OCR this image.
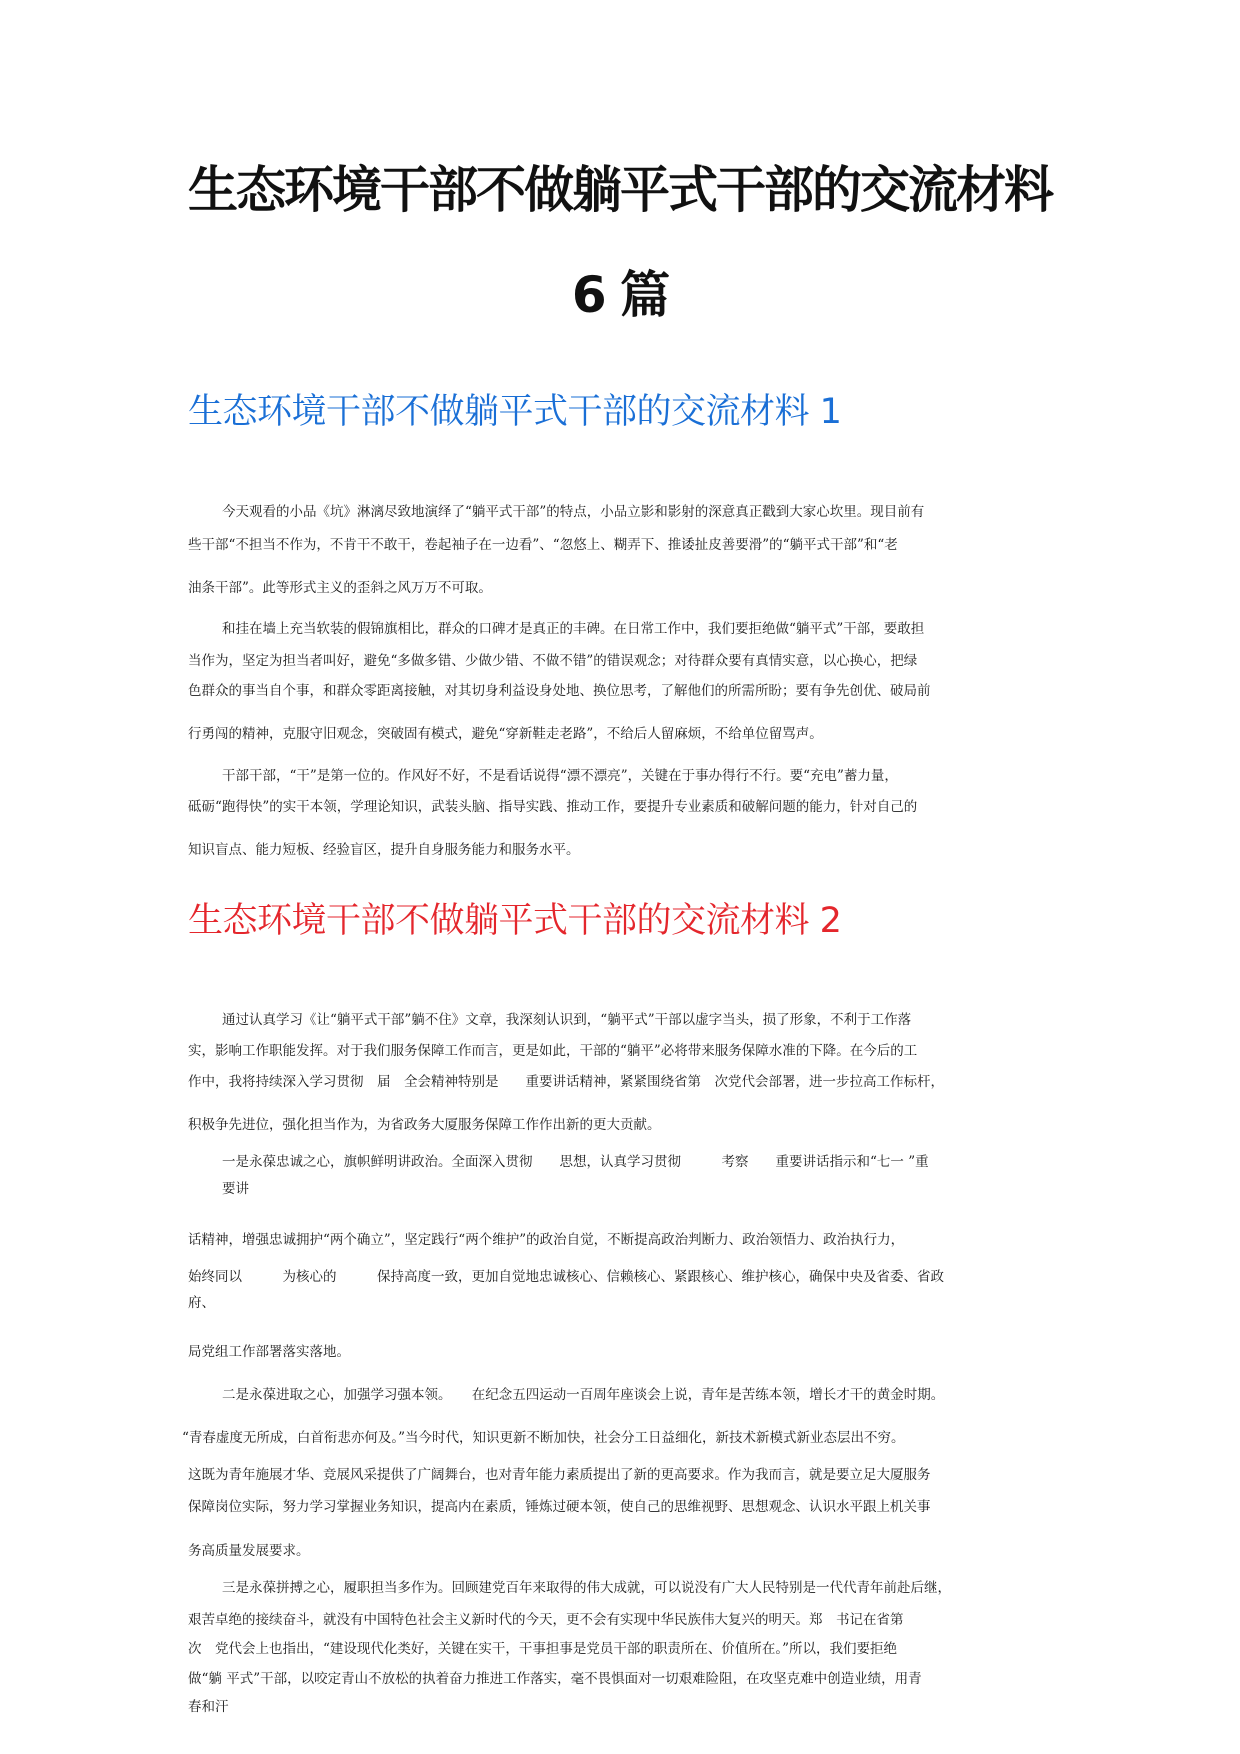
生态环境干部不做躺平式干部的交流材料
6 篇
生态环境干部不做躺平式干部的交流材料 1

今天观看的小品《坑》淋漓尽致地演绎了“躺平式干部”的特点，小品立影和影射的深意真正戳到大家心坎里。现目前有

些干部“不担当不作为，不肯干不敢干，卷起袖子在一边看”、“忽悠上、糊弄下、推诿扯皮善要滑”的“躺平式干部”和“老

油条干部”。此等形式主义的歪斜之风万万不可取。

和挂在墙上充当软装的假锦旗相比，群众的口碑才是真正的丰碑。在日常工作中，我们要拒绝做“躺平式”干部，要敢担

当作为，坚定为担当者叫好，避免“多做多错、少做少错、不做不错”的错误观念；对待群众要有真情实意，以心换心，把绿

色群众的事当自个事，和群众零距离接触，对其切身利益设身处地、换位思考，了解他们的所需所盼；要有争先创优、破局前

行勇闯的精神，克服守旧观念，突破固有模式，避免“穿新鞋走老路”，不给后人留麻烦，不给单位留骂声。

干部干部，“干”是第一位的。作风好不好，不是看话说得“漂不漂亮”，关键在于事办得行不行。要“充电”蓄力量，

砥砺“跑得快”的实干本领，学理论知识，武装头脑、指导实践、推动工作，要提升专业素质和破解问题的能力，针对自己的

知识盲点、能力短板、经验盲区，提升自身服务能力和服务水平。

生态环境干部不做躺平式干部的交流材料 2

通过认真学习《让“躺平式干部”躺不住》文章，我深刻认识到，“躺平式”干部以虚字当头，损了形象，不利于工作落

实，影响工作职能发挥。对于我们服务保障工作而言，更是如此，干部的“躺平”必将带来服务保障水准的下降。在今后的工

作中，我将持续深入学习贯彻　届　全会精神特别是　　重要讲话精神，紧紧围绕省第　次党代会部署，进一步拉高工作标杆，

积极争先进位，强化担当作为，为省政务大厦服务保障工作作出新的更大贡献。

一是永葆忠诚之心，旗帜鲜明讲政治。全面深入贯彻　　思想，认真学习贯彻　　　考察　　重要讲话指示和“七一 ”重

要讲

话精神，增强忠诚拥护“两个确立”，坚定践行“两个维护”的政治自觉，不断提高政治判断力、政治领悟力、政治执行力，

始终同以　　　为核心的　　　保持高度一致，更加自觉地忠诚核心、信赖核心、紧跟核心、维护核心，确保中央及省委、省政

府、

局党组工作部署落实落地。

二是永葆进取之心，加强学习强本领。　　在纪念五四运动一百周年座谈会上说，青年是苦练本领，增长才干的黄金时期。

“青春虚度无所成，白首衔悲亦何及。”当今时代，知识更新不断加快，社会分工日益细化，新技术新模式新业态层出不穷。

这既为青年施展才华、竞展风采提供了广阔舞台，也对青年能力素质提出了新的更高要求。作为我而言，就是要立足大厦服务

保障岗位实际，努力学习掌握业务知识，提高内在素质，锤炼过硬本领，使自己的思维视野、思想观念、认识水平跟上机关事

务高质量发展要求。

三是永葆拼搏之心，履职担当多作为。回顾建党百年来取得的伟大成就，可以说没有广大人民特别是一代代青年前赴后继，

艰苦卓绝的接续奋斗，就没有中国特色社会主义新时代的今天，更不会有实现中华民族伟大复兴的明天。郑　书记在省第

次　党代会上也指出，“建设现代化类好，关键在实干，干事担事是党员干部的职责所在、价值所在。”所以，我们要拒绝

做“躺 平式”干部，以咬定青山不放松的执着奋力推进工作落实，毫不畏惧面对一切艰难险阻，在攻坚克难中创造业绩，用青

春和汗
